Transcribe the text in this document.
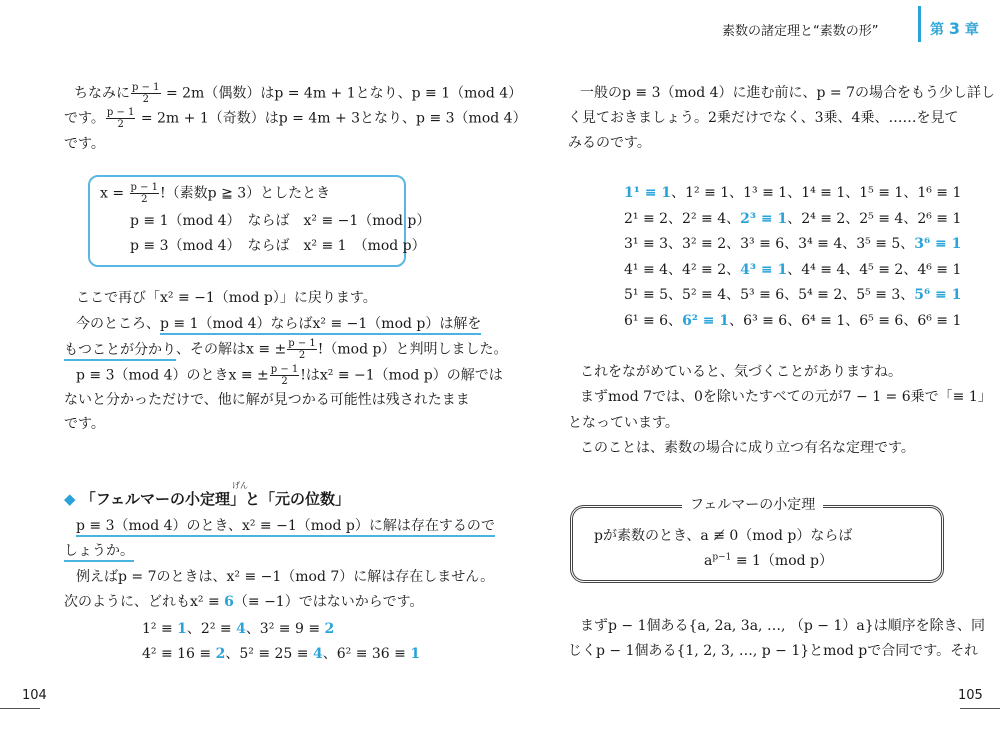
素数の諸定理と“素数の形”	第 3 章
ちなみに $\frac{p - 1}{2} = 2m$（偶数）はp = 4m + 1となり、p ≡ 1（mod 4）
です。 $\frac{p - 1}{2} = 2m + 1$（奇数）はp = 4m + 3となり、p ≡ 3（mod 4）
です。
$x = \frac{p - 1}{2}$ !（素数p ≧ 3）としたとき
p ≡ 1（mod 4）　ならば　x² ≡ −1（mod p）
p ≡ 3（mod 4）　ならば　x² ≡ 1　（mod p）
ここで再び「x² ≡ −1（mod p）」に戻ります。
今のところ、p ≡ 1（mod 4）ならばx² ≡ −1（mod p）は解を
もつことが分かり、その解はx ≡ ± $\frac{p - 1}{2} !(mod$ p）と判明しました。
p ≡ 3（mod 4）のときx ≡ ± $\frac{p - 1}{2}$ !はx² ≡ −1（mod p）の解では
ないと分かっただけで、他に解が見つかる可能性は残されたまま
です。
げん
◆ 「フェルマーの小定理」と「元の位数」
p ≡ 3（mod 4）のとき、x² ≡ −1（mod p）に解は存在するので
しょうか。
例えばp = 7のときは、x² ≡ −1（mod 7）に解は存在しません。
次のように、どれもx² ≡ 6（≡ −1）ではないからです。
1² ≡ 1、2² ≡ 4、3² ≡ 9 ≡ 2
4² ≡ 16 ≡ 2、5² ≡ 25 ≡ 4、6² ≡ 36 ≡ 1
104
一般のp ≡ 3（mod 4）に進む前に、p = 7の場合をもう少し詳し
く見ておきましょう。2乗だけでなく、3乗、4乗、……を見て
みるのです。
1¹ ≡ 1、1² ≡ 1、1³ ≡ 1、1⁴ ≡ 1、1⁵ ≡ 1、1⁶ ≡ 1
2¹ ≡ 2、2² ≡ 4、2³ ≡ 1、2⁴ ≡ 2、2⁵ ≡ 4、2⁶ ≡ 1
3¹ ≡ 3、3² ≡ 2、3³ ≡ 6、3⁴ ≡ 4、3⁵ ≡ 5、3⁶ ≡ 1
4¹ ≡ 4、4² ≡ 2、4³ ≡ 1、4⁴ ≡ 4、4⁵ ≡ 2、4⁶ ≡ 1
5¹ ≡ 5、5² ≡ 4、5³ ≡ 6、5⁴ ≡ 2、5⁵ ≡ 3、5⁶ ≡ 1
6¹ ≡ 6、6² ≡ 1、6³ ≡ 6、6⁴ ≡ 1、6⁵ ≡ 6、6⁶ ≡ 1
これをながめていると、気づくことがありますね。
まずmod 7では、0を除いたすべての元が7 − 1 = 6乗で「≡ 1」
となっています。
このことは、素数の場合に成り立つ有名な定理です。
フェルマーの小定理
pが素数のとき、a ≢ 0（mod p）ならば
$a^{p-1} \equiv 1(mod$ p）
まずp − 1個ある{a, 2a, 3a, …, （p − 1）a}は順序を除き、同
じくp − 1個ある{1, 2, 3, …, p − 1}とmod pで合同です。それ
105
